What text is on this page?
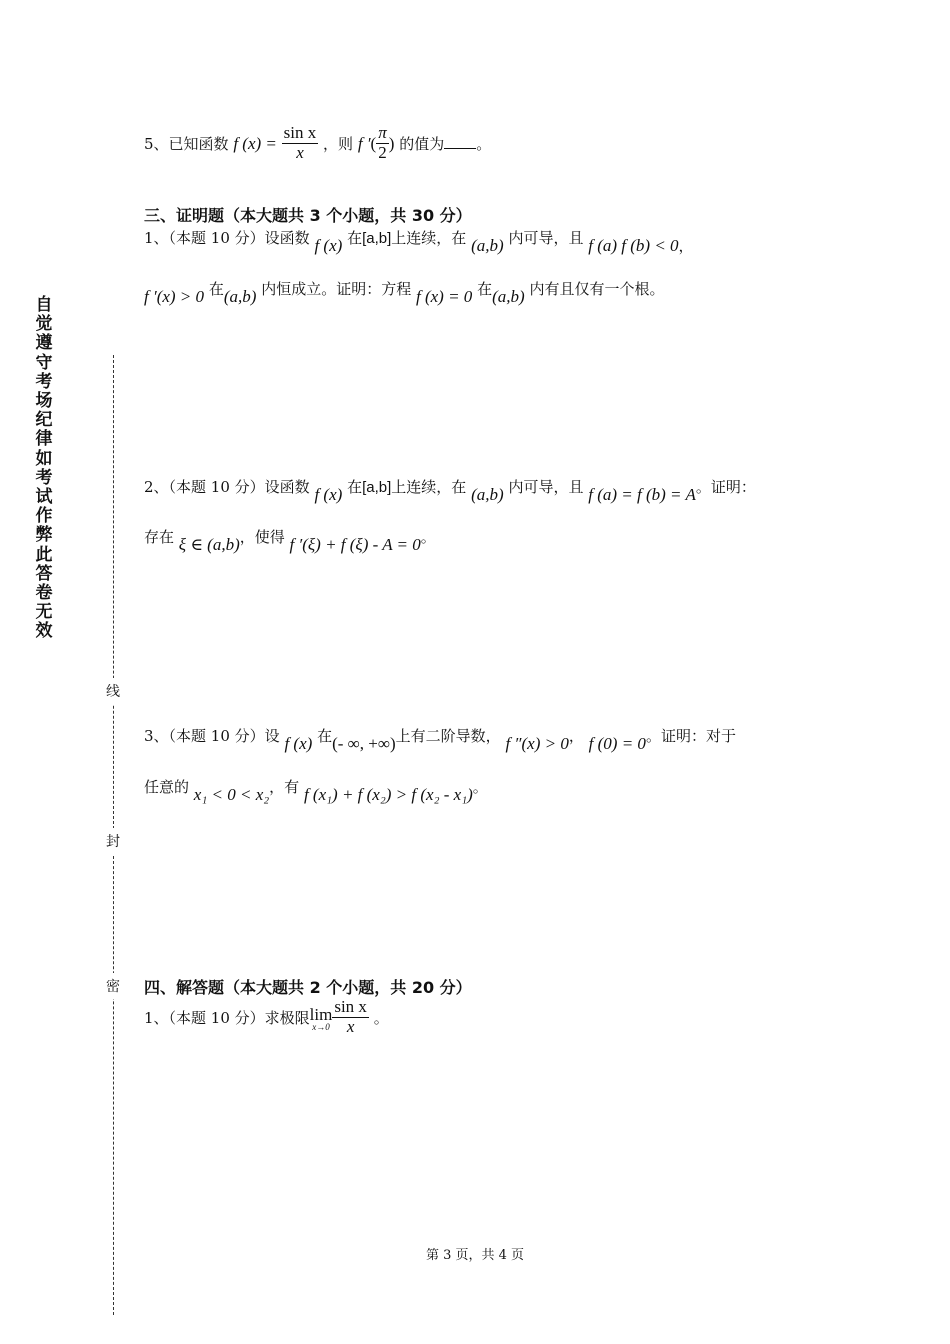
自觉遵守考场纪律如考试作弊此答卷无效
线
封
密
5、已知函数 f $(x) = \frac{\text{sin x}}{x}$ ，则 f ′( $\frac{\pi}{2}$ ) 的值为 。
三、证明题（本大题共 3 个小题，共 30 分）
1、（本题 10 分）设函数 f (x) 在[a,b]上连续，在 (a,b) 内可导，且 f (a) f (b) < 0，
f ′(x) > 0 在(a,b) 内恒成立。证明：方程 f (x) = 0 在(a,b) 内有且仅有一个根。
2、（本题 10 分）设函数 f (x) 在[a,b]上连续，在 (a,b) 内可导，且 f (a) = f (b) = A。证明：
存在 ξ ∈ (a,b)，使得 f ′(ξ) + f (ξ) - A = 0。
3、（本题 10 分）设 f (x) 在(- ∞, +∞)上有二阶导数， f ″(x) > 0， f (0) = 0。证明：对于
任意的 x₁ < 0 < x₂，有 f (x₁) + f (x₂) > f (x₂ - x₁)。
四、解答题（本大题共 2 个小题，共 20 分）
1、（本题 10 分）求极限 lim
$x\to 0 \frac{\text{sin x}}{x}$ 。
第 3 页，共 4 页
